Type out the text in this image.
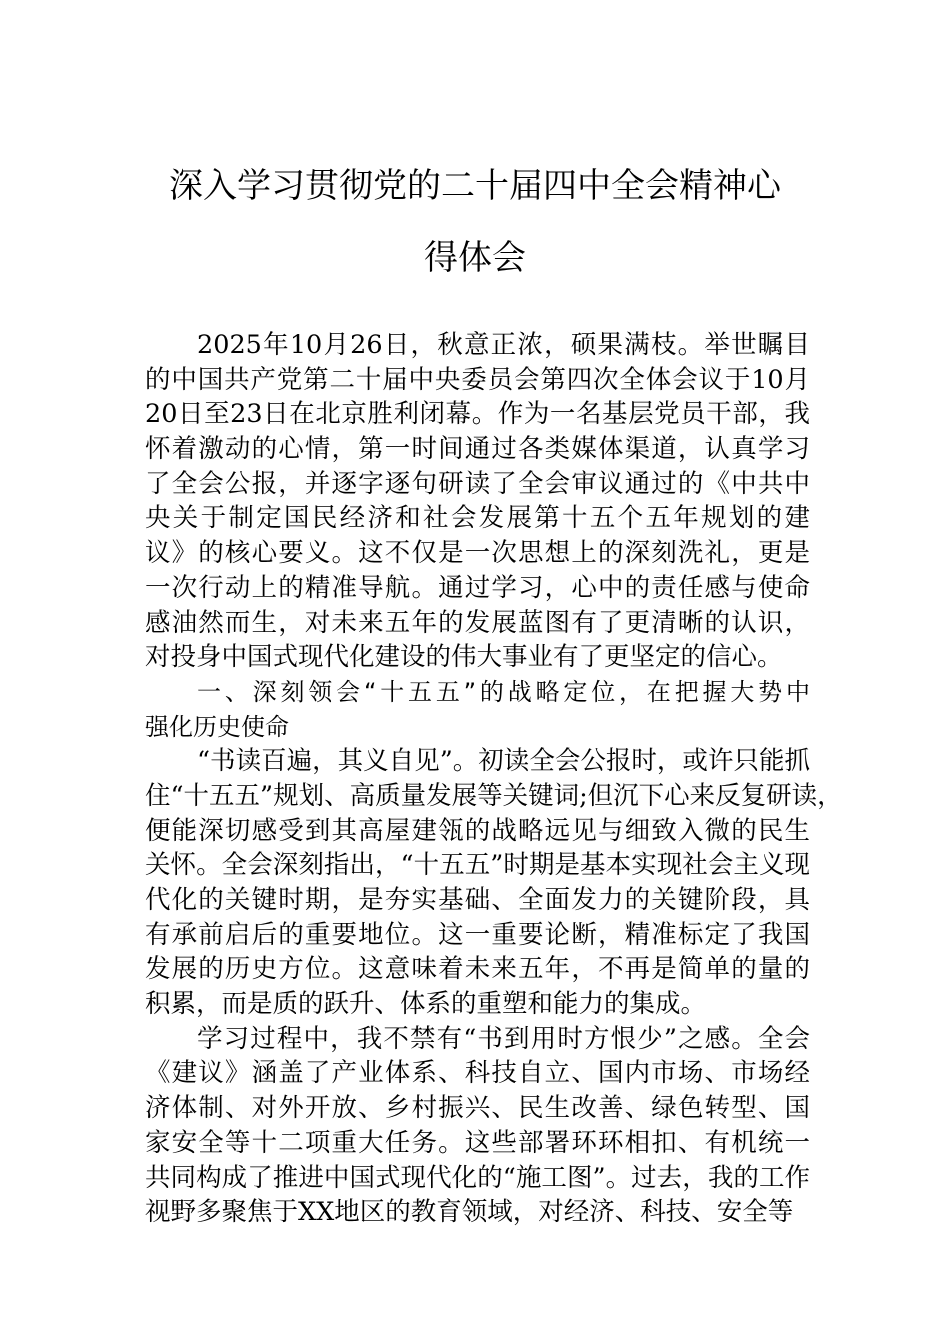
深入学习贯彻党的二十届四中全会精神心
得体会
2025年10月26日，秋意正浓，硕果满枝。举世瞩目
的中国共产党第二十届中央委员会第四次全体会议于10月
20日至23日在北京胜利闭幕。作为一名基层党员干部，我
怀着激动的心情，第一时间通过各类媒体渠道，认真学习
了全会公报，并逐字逐句研读了全会审议通过的《中共中
央关于制定国民经济和社会发展第十五个五年规划的建
议》的核心要义。这不仅是一次思想上的深刻洗礼，更是
一次行动上的精准导航。通过学习，心中的责任感与使命
感油然而生，对未来五年的发展蓝图有了更清晰的认识，
对投身中国式现代化建设的伟大事业有了更坚定的信心。
一、深刻领会“十五五”的战略定位，在把握大势中
强化历史使命
“书读百遍，其义自见”。初读全会公报时，或许只能抓
住“十五五”规划、高质量发展等关键词;但沉下心来反复研读，
便能深切感受到其高屋建瓴的战略远见与细致入微的民生
关怀。全会深刻指出，“十五五”时期是基本实现社会主义现
代化的关键时期，是夯实基础、全面发力的关键阶段，具
有承前启后的重要地位。这一重要论断，精准标定了我国
发展的历史方位。这意味着未来五年，不再是简单的量的
积累，而是质的跃升、体系的重塑和能力的集成。
学习过程中，我不禁有“书到用时方恨少”之感。全会
《建议》涵盖了产业体系、科技自立、国内市场、市场经
济体制、对外开放、乡村振兴、民生改善、绿色转型、国
家安全等十二项重大任务。这些部署环环相扣、有机统一
共同构成了推进中国式现代化的“施工图”。过去，我的工作
视野多聚焦于XX地区的教育领域，对经济、科技、安全等
